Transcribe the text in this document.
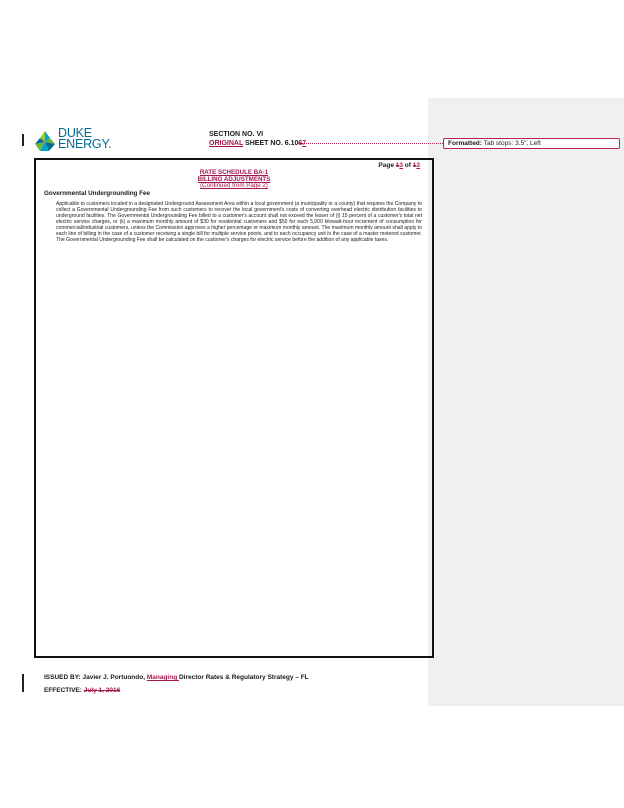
DUKE
ENERGY.
SECTION NO. VI
ORIGINAL SHEET NO. 6.1067	Formatted: Tab stops: 3.5", Left
Page 13 of 13
RATE SCHEDULE BA-1
BILLING ADJUSTMENTS
(Continued from Page 2)
Governmental Undergrounding Fee
Applicable to customers located in a designated Underground Assessment Area within a local government (a municipality or a county) that requires the Company to collect a Governmental Undergrounding Fee from such customers to recover the local government's costs of converting overhead electric distribution facilities to underground facilities. The Governmental Undergrounding Fee billed to a customer's account shall not exceed the lesser of (i) 15 percent of a customer's total net electric service charges, or (ii) a maximum monthly amount of $30 for residential customers and $50 for each 5,000 kilowatt-hour increment of consumption for commercial/industrial customers, unless the Commission approves a higher percentage or maximum monthly amount. The maximum monthly amount shall apply to each line of billing in the case of a customer receiving a single bill for multiple service points, and to each occupancy unit in the case of a master metered customer. The Governmental Undergrounding Fee shall be calculated on the customer's charges for electric service before the addition of any applicable taxes.
ISSUED BY: Javier J. Portuondo, Managing Director Rates & Regulatory Strategy – FL
EFFECTIVE: July 1, 2016
